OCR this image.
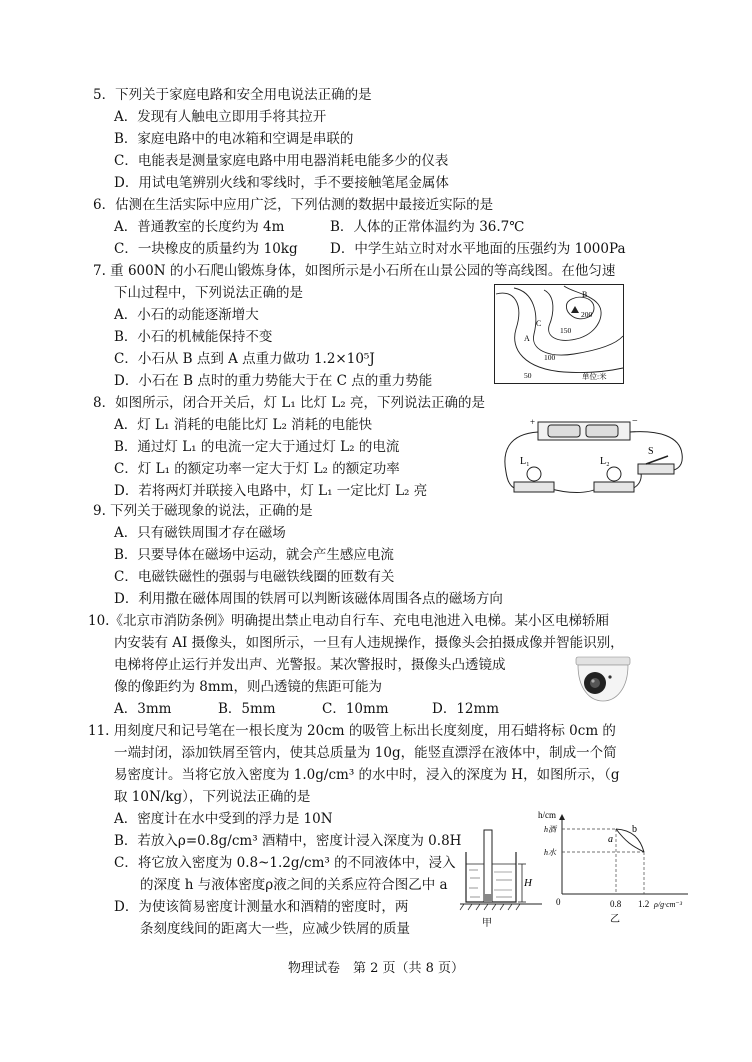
5．下列关于家庭电路和安全用电说法正确的是
A．发现有人触电立即用手将其拉开
B．家庭电路中的电冰箱和空调是串联的
C．电能表是测量家庭电路中用电器消耗电能多少的仪表
D．用试电笔辨别火线和零线时，手不要接触笔尾金属体
6．估测在生活实际中应用广泛，下列估测的数据中最接近实际的是
A．普通教室的长度约为 4m	B．人体的正常体温约为 36.7℃
C．一块橡皮的质量约为 10kg D．中学生站立时对水平地面的压强约为 1000Pa
7. 重 600N 的小石爬山锻炼身体，如图所示是小石所在山景公园的等高线图。在他匀速
下山过程中，下列说法正确的是
A．小石的动能逐渐增大
B．小石的机械能保持不变
C．小石从 B 点到 A 点重力做功 1.2×10⁵J
D．小石在 B 点时的重力势能大于在 C 点的重力势能
B
C
A
200
150
100
50	单位:米
8．如图所示，闭合开关后，灯 L₁ 比灯 L₂ 亮，下列说法正确的是
A．灯 L₁ 消耗的电能比灯 L₂ 消耗的电能快
B．通过灯 L₁ 的电流一定大于通过灯 L₂ 的电流
C．灯 L₁ 的额定功率一定大于灯 L₂ 的额定功率
D．若将两灯并联接入电路中，灯 L₁ 一定比灯 L₂ 亮
+	−
L₁	L₂
S
9. 下列关于磁现象的说法，正确的是
A．只有磁铁周围才存在磁场
B．只要导体在磁场中运动，就会产生感应电流
C．电磁铁磁性的强弱与电磁铁线圈的匝数有关
D．利用撒在磁体周围的铁屑可以判断该磁体周围各点的磁场方向
10.《北京市消防条例》明确提出禁止电动自行车、充电电池进入电梯。某小区电梯轿厢
内安装有 AI 摄像头，如图所示，一旦有人违规操作，摄像头会拍摄成像并智能识别，
电梯将停止运行并发出声、光警报。某次警报时，摄像头凸透镜成
像的像距约为 8mm，则凸透镜的焦距可能为
A．3mm	B．5mm	C．10mm	D．12mm
11. 用刻度尺和记号笔在一根长度为 20cm 的吸管上标出长度刻度，用石蜡将标 0cm 的
一端封闭，添加铁屑至管内，使其总质量为 10g，能竖直漂浮在液体中，制成一个简
易密度计。当将它放入密度为 1.0g/cm³ 的水中时，浸入的深度为 H，如图所示，（g
取 10N/kg），下列说法正确的是
A．密度计在水中受到的浮力是 10N
B．若放入ρ=0.8g/cm³ 酒精中，密度计浸入深度为 0.8H
C．将它放入密度为 0.8~1.2g/cm³ 的不同液体中，浸入
的深度 h 与液体密度ρ液之间的关系应符合图乙中 a
D．为使该简易密度计测量水和酒精的密度时，两
条刻度线间的距离大一些，应减少铁屑的质量
H
甲
h/cm
h酒
h水
a
b
0	0.8 1.2 ρ/g·cm⁻³
乙
物理试卷　第 2 页（共 8 页）
